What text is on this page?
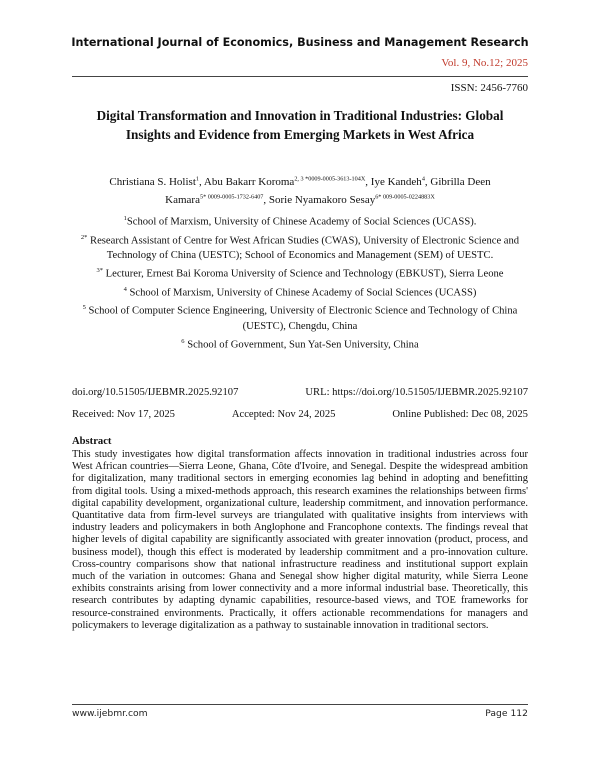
International Journal of Economics, Business and Management Research
Vol. 9, No.12; 2025
ISSN: 2456-7760
Digital Transformation and Innovation in Traditional Industries: Global Insights and Evidence from Emerging Markets in West Africa
Christiana S. Holist$^1$, Abu Bakarr Koroma$^{2, 3 *0009-0005-3613-104X}$, Iye Kandeh$^4$, Gibrilla Deen Kamara$^{5* 0009-0005-1732-6407}$, Sorie Nyamakoro Sesay$^{6* 009-0005-0224883X}$
$^1$School of Marxism, University of Chinese Academy of Social Sciences (UCASS).
$^{2*}$ Research Assistant of Centre for West African Studies (CWAS), University of Electronic Science and Technology of China (UESTC); School of Economics and Management (SEM) of UESTC.
$^{3*}$ Lecturer, Ernest Bai Koroma University of Science and Technology (EBKUST), Sierra Leone
$^4$ School of Marxism, University of Chinese Academy of Social Sciences (UCASS)
$^5$ School of Computer Science Engineering, University of Electronic Science and Technology of China (UESTC), Chengdu, China
$^6$ School of Government, Sun Yat-Sen University, China
doi.org/10.51505/IJEBMR.2025.92107	URL: https://doi.org/10.51505/IJEBMR.2025.92107
Received: Nov 17, 2025	Accepted: Nov 24, 2025	Online Published: Dec 08, 2025
Abstract
This study investigates how digital transformation affects innovation in traditional industries across four West African countries—Sierra Leone, Ghana, Côte d'Ivoire, and Senegal. Despite the widespread ambition for digitalization, many traditional sectors in emerging economies lag behind in adopting and benefitting from digital tools. Using a mixed-methods approach, this research examines the relationships between firms' digital capability development, organizational culture, leadership commitment, and innovation performance. Quantitative data from firm-level surveys are triangulated with qualitative insights from interviews with industry leaders and policymakers in both Anglophone and Francophone contexts. The findings reveal that higher levels of digital capability are significantly associated with greater innovation (product, process, and business model), though this effect is moderated by leadership commitment and a pro-innovation culture. Cross-country comparisons show that national infrastructure readiness and institutional support explain much of the variation in outcomes: Ghana and Senegal show higher digital maturity, while Sierra Leone exhibits constraints arising from lower connectivity and a more informal industrial base. Theoretically, this research contributes by adapting dynamic capabilities, resource-based views, and TOE frameworks for resource-constrained environments. Practically, it offers actionable recommendations for managers and policymakers to leverage digitalization as a pathway to sustainable innovation in traditional sectors.
www.ijebmr.com	Page 112
